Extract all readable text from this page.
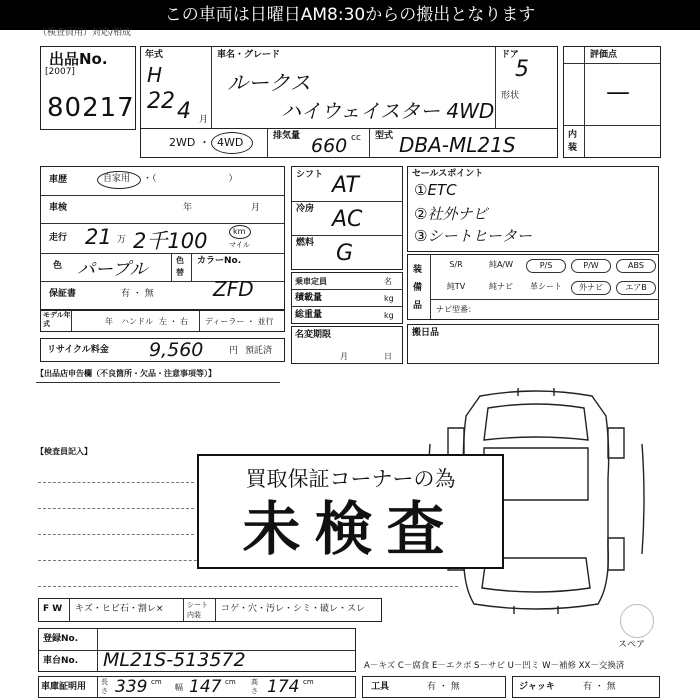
この車両は日曜日AM8:30からの搬出となります
（検查員用）対応/相成
出品No.
[2007]
80217
年式
H
22 4 月
車名・グレード
ルークス
ハイウェイスター 4WD
ドア
5
形状
評価点
—
内装
2WD ・ 4WD	排気量 660 cc 型式 DBA-ML21S
車歴	自家用 ・（　　　　　　　　）
車検	年	月
走行 21 万 2千100	km
マイル
色 パープル	色替
カラーNo.
ZFD
保証書	有 ・ 無
モデル年式	年 ハンドル 左 ・ 右 ディーラー ・ 並行
リサイクル料金 9,560	円 預託済
シフト AT
冷房 AC
燃料 G
乗車定員	名
積載量	kg
総重量	kg
名変期限
月	日
セールスポイント
①ETC
②社外ナビ
③シートヒーター
装備品	ナビ型番：
S/R	純A/W	P/S	P/W	ABS
純TV	純ナビ	革シート	外ナビ	エアB
搬日品
【出品店申告欄（不良箇所・欠品・注意事項等）】
【検査員記入】
スペア
買取保証コーナーの為
未検査
F W キズ・ヒビ石・割レ×	シート内装
コゲ・穴・汚レ・シミ・破レ・スレ
登録No.
車台No. ML21S-513572	A－キズ C－腐食 E－エクボ S－サビ U－凹ミ W－補修 XX－交換済
車庫証明用 長さ 339 cm
幅 147 cm 高さ 174 cm	工具	有 ・ 無	ジャッキ	有 ・ 無
